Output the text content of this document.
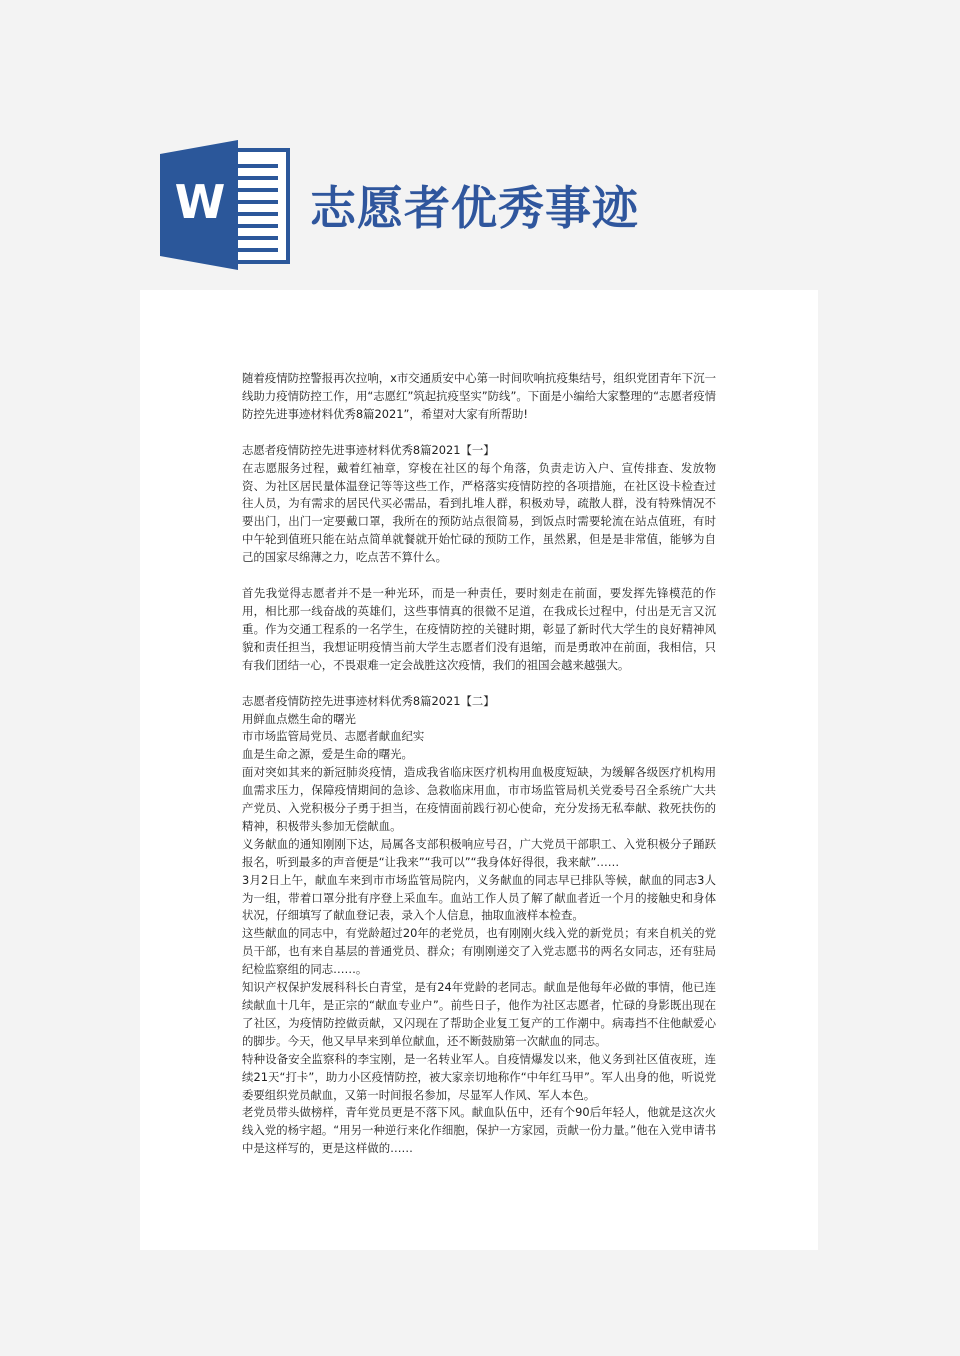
W 志愿者优秀事迹

随着疫情防控警报再次拉响，x市交通质安中心第一时间吹响抗疫集结号，组织党团青年下沉一线助力疫情防控工作，用“志愿红”筑起抗疫坚实”防线”。下面是小编给大家整理的“志愿者疫情防控先进事迹材料优秀8篇2021”，希望对大家有所帮助!

志愿者疫情防控先进事迹材料优秀8篇2021【一】

在志愿服务过程，戴着红袖章，穿梭在社区的每个角落，负责走访入户、宣传排查、发放物资、为社区居民量体温登记等等这些工作，严格落实疫情防控的各项措施，在社区设卡检查过往人员，为有需求的居民代买必需品，看到扎堆人群，积极劝导，疏散人群，没有特殊情况不要出门，出门一定要戴口罩，我所在的预防站点很简易，到饭点时需要轮流在站点值班，有时中午轮到值班只能在站点简单就餐就开始忙碌的预防工作，虽然累，但是是非常值，能够为自己的国家尽绵薄之力，吃点苦不算什么。

首先我觉得志愿者并不是一种光环，而是一种责任，要时刻走在前面，要发挥先锋模范的作用，相比那一线奋战的英雄们，这些事情真的很微不足道，在我成长过程中，付出是无言又沉重。作为交通工程系的一名学生，在疫情防控的关键时期，彰显了新时代大学生的良好精神风貌和责任担当，我想证明疫情当前大学生志愿者们没有退缩，而是勇敢冲在前面，我相信，只有我们团结一心，不畏艰难一定会战胜这次疫情，我们的祖国会越来越强大。

志愿者疫情防控先进事迹材料优秀8篇2021【二】

用鲜血点燃生命的曙光

市市场监管局党员、志愿者献血纪实

血是生命之源，爱是生命的曙光。

面对突如其来的新冠肺炎疫情，造成我省临床医疗机构用血极度短缺，为缓解各级医疗机构用血需求压力，保障疫情期间的急诊、急救临床用血，市市场监管局机关党委号召全系统广大共产党员、入党积极分子勇于担当，在疫情面前践行初心使命，充分发扬无私奉献、救死扶伤的精神，积极带头参加无偿献血。

义务献血的通知刚刚下达，局属各支部积极响应号召，广大党员干部职工、入党积极分子踊跃报名，听到最多的声音便是“让我来”“我可以”“我身体好得很，我来献”……

3月2日上午，献血车来到市市场监管局院内，义务献血的同志早已排队等候，献血的同志3人为一组，带着口罩分批有序登上采血车。血站工作人员了解了献血者近一个月的接触史和身体状况，仔细填写了献血登记表，录入个人信息，抽取血液样本检查。

这些献血的同志中，有党龄超过20年的老党员，也有刚刚火线入党的新党员；有来自机关的党员干部，也有来自基层的普通党员、群众；有刚刚递交了入党志愿书的两名女同志，还有驻局纪检监察组的同志……。

知识产权保护发展科科长白青堂，是有24年党龄的老同志。献血是他每年必做的事情，他已连续献血十几年，是正宗的“献血专业户”。前些日子，他作为社区志愿者，忙碌的身影既出现在了社区，为疫情防控做贡献，又闪现在了帮助企业复工复产的工作潮中。病毒挡不住他献爱心的脚步。今天，他又早早来到单位献血，还不断鼓励第一次献血的同志。

特种设备安全监察科的李宝刚，是一名转业军人。自疫情爆发以来，他义务到社区值夜班，连续21天“打卡”，助力小区疫情防控，被大家亲切地称作“中年红马甲”。军人出身的他，听说党委要组织党员献血，又第一时间报名参加，尽显军人作风、军人本色。

老党员带头做榜样，青年党员更是不落下风。献血队伍中，还有个90后年轻人，他就是这次火线入党的杨宇超。“用另一种逆行来化作细胞，保护一方家园，贡献一份力量。”他在入党申请书中是这样写的，更是这样做的……
